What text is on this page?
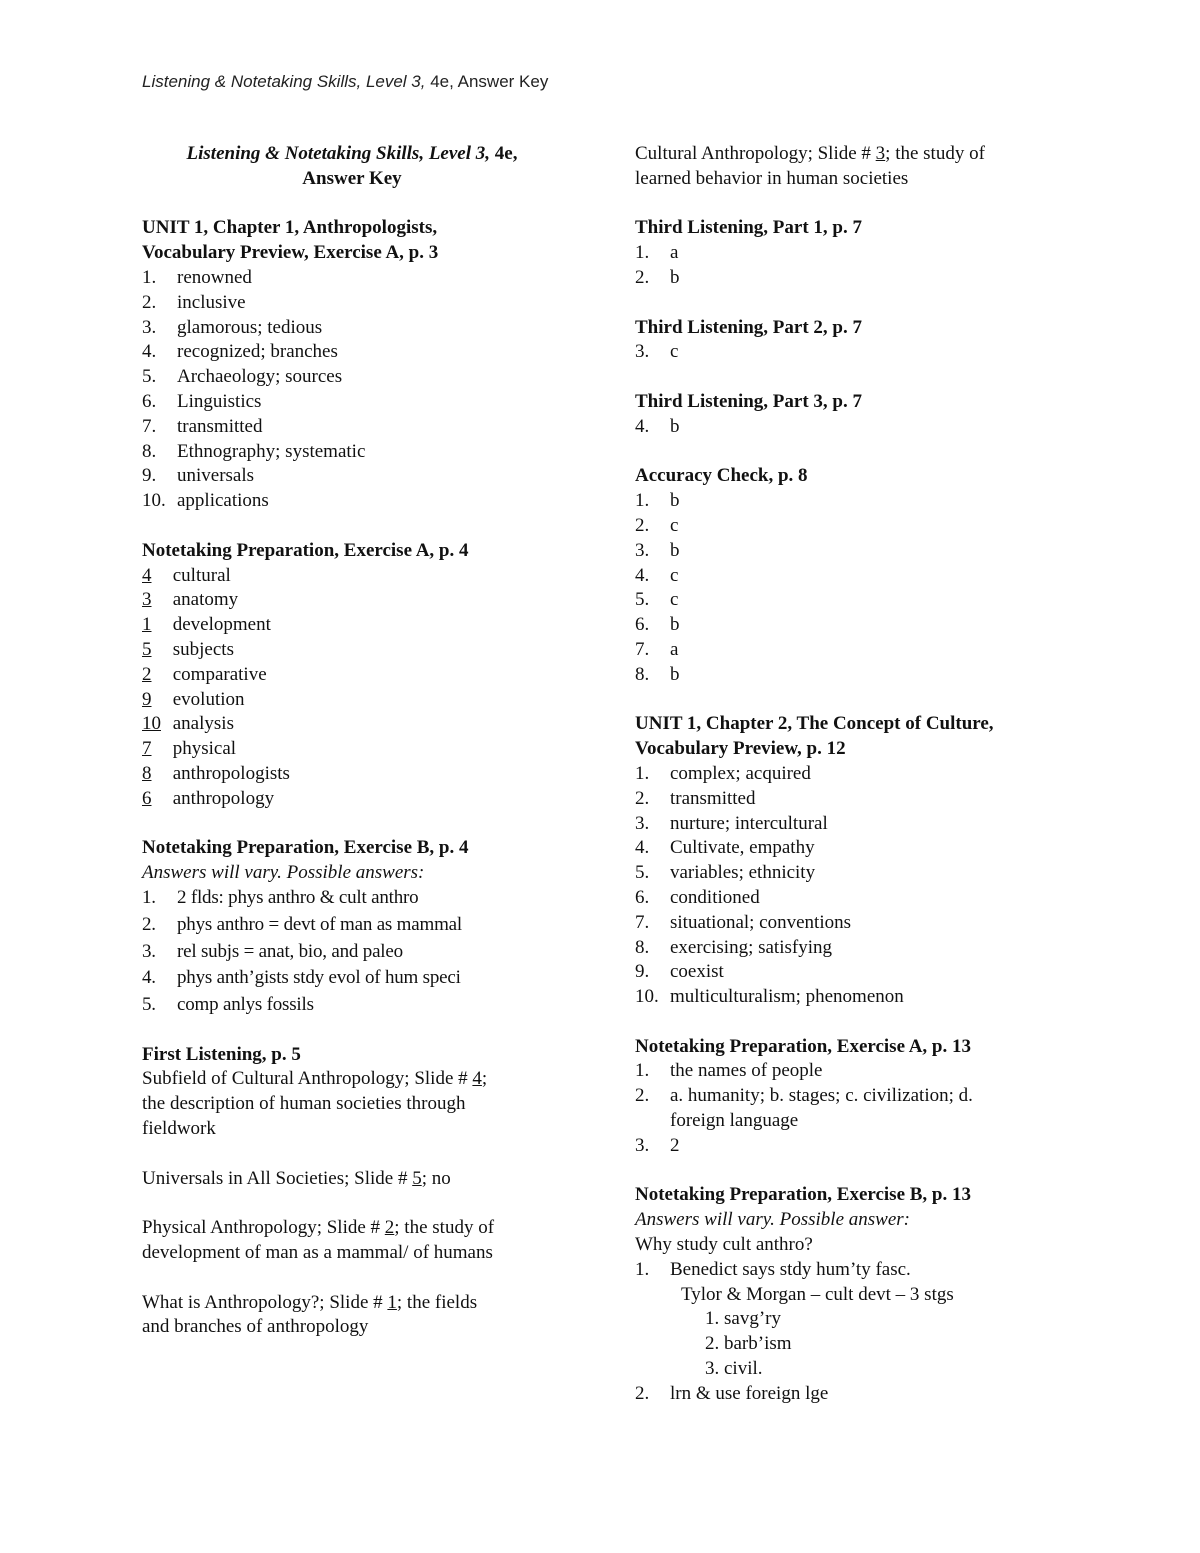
Listening & Notetaking Skills, Level 3, 4e, Answer Key
Listening & Notetaking Skills, Level 3, 4e,
Answer Key
UNIT 1, Chapter 1, Anthropologists,
Vocabulary Preview, Exercise A, p. 3
1.	renowned
2.	inclusive
3.	glamorous; tedious
4.	recognized; branches
5.	Archaeology; sources
6.	Linguistics
7.	transmitted
8.	Ethnography; systematic
9.	universals
10. applications
Notetaking Preparation, Exercise A, p. 4
4 cultural
3 anatomy
1 development
5 subjects
2 comparative
9 evolution
10 analysis
7 physical
8 anthropologists
6 anthropology
Notetaking Preparation, Exercise B, p. 4
Answers will vary. Possible answers:
1.	2 flds: phys anthro & cult anthro
2.	phys anthro = devt of man as mammal
3.	rel subjs = anat, bio, and paleo
4.	phys anth’gists stdy evol of hum speci
5.	comp anlys fossils
First Listening, p. 5
Subfield of Cultural Anthropology; Slide # 4;
the description of human societies through
fieldwork
Universals in All Societies; Slide # 5; no
Physical Anthropology; Slide # 2; the study of
development of man as a mammal/ of humans
What is Anthropology?; Slide # 1; the fields
and branches of anthropology
Cultural Anthropology; Slide # 3; the study of
learned behavior in human societies
Third Listening, Part 1, p. 7
1.	a
2.	b
Third Listening, Part 2, p. 7
3.	c
Third Listening, Part 3, p. 7
4.	b
Accuracy Check, p. 8
1.	b
2.	c
3.	b
4.	c
5.	c
6.	b
7.	a
8.	b
UNIT 1, Chapter 2, The Concept of Culture,
Vocabulary Preview, p. 12
1.	complex; acquired
2.	transmitted
3.	nurture; intercultural
4.	Cultivate, empathy
5.	variables; ethnicity
6.	conditioned
7.	situational; conventions
8.	exercising; satisfying
9.	coexist
10. multiculturalism; phenomenon
Notetaking Preparation, Exercise A, p. 13
1.	the names of people
2.	a. humanity; b. stages; c. civilization; d.
foreign language
3.	2
Notetaking Preparation, Exercise B, p. 13
Answers will vary. Possible answer:
Why study cult anthro?
1.	Benedict says stdy hum’ty fasc.
Tylor & Morgan – cult devt – 3 stgs
1. savg’ry
2. barb’ism
3. civil.
2.	lrn & use foreign lge
